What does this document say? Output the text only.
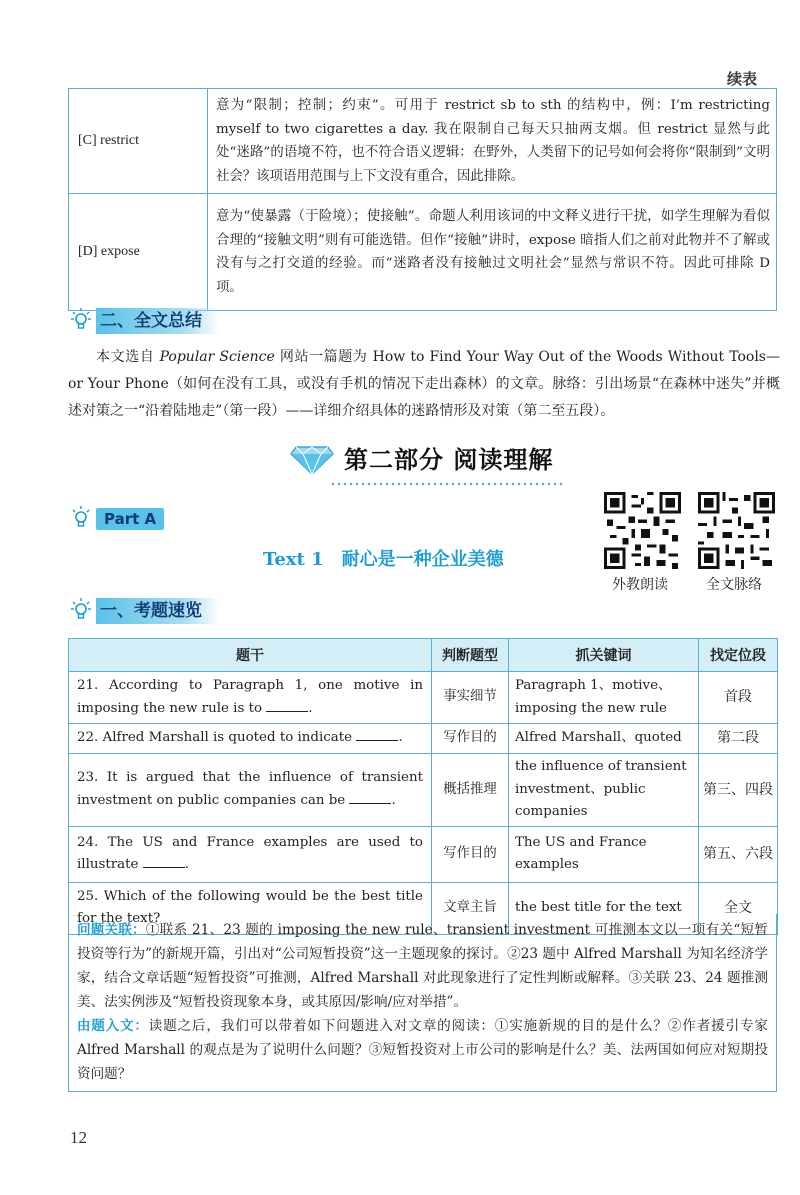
续表
[C] restrict	意为“限制；控制；约束”。可用于 restrict sb to sth 的结构中，例：I’m restricting myself to two cigarettes a day. 我在限制自己每天只抽两支烟。但 restrict 显然与此处“迷路”的语境不符，也不符合语义逻辑：在野外，人类留下的记号如何会将你“限制到”文明社会？该项语用范围与上下文没有重合，因此排除。
[D] expose	意为“使暴露（于险境）；使接触”。命题人利用该词的中文释义进行干扰，如学生理解为看似合理的“接触文明”则有可能选错。但作“接触”讲时，expose 暗指人们之前对此物并不了解或没有与之打交道的经验。而“迷路者没有接触过文明社会”显然与常识不符。因此可排除 D 项。
二、全文总结
本文选自 Popular Science 网站一篇题为 How to Find Your Way Out of the Woods Without Tools—or Your Phone（如何在没有工具，或没有手机的情况下走出森林）的文章。脉络：引出场景“在森林中迷失”并概述对策之一“沿着陆地走”（第一段）——详细介绍具体的迷路情形及对策（第二至五段）。
第二部分 阅读理解
Part A
Text 1 耐心是一种企业美德
外教朗读	全文脉络
一、考题速览
题干	判断题型	抓关键词	找定位段
21. According to Paragraph 1, one motive in imposing the new rule is to .	事实细节	Paragraph 1、motive、imposing the new rule	首段
22. Alfred Marshall is quoted to indicate .	写作目的	Alfred Marshall、quoted	第二段
23. It is argued that the influence of transient investment on public companies can be .	概括推理	the influence of transient investment、public companies	第三、四段
24. The US and France examples are used to illustrate .	写作目的	The US and France examples	第五、六段
25. Which of the following would be the best title for the text?	文章主旨	the best title for the text	全文
问题关联：①联系 21、23 题的 imposing the new rule、transient investment 可推测本文以一项有关“短暂投资等行为”的新规开篇，引出对“公司短暂投资”这一主题现象的探讨。②23 题中 Alfred Marshall 为知名经济学家，结合文章话题“短暂投资”可推测，Alfred Marshall 对此现象进行了定性判断或解释。③关联 23、24 题推测美、法实例涉及“短暂投资现象本身，或其原因/影响/应对举措”。
由题入文：读题之后，我们可以带着如下问题进入对文章的阅读：①实施新规的目的是什么？②作者援引专家 Alfred Marshall 的观点是为了说明什么问题？③短暂投资对上市公司的影响是什么？美、法两国如何应对短期投资问题？
12
